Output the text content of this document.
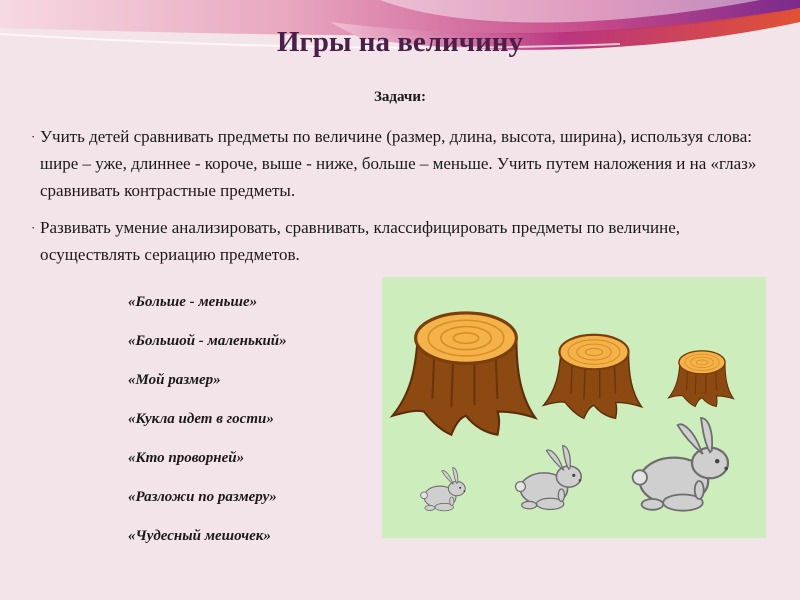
Игры на величину
Задачи:
· Учить детей сравнивать предметы по величине (размер, длина, высота, ширина), используя слова: шире – уже, длиннее - короче, выше - ниже, больше – меньше. Учить путем наложения и на «глаз» сравнивать контрастные предметы.
· Развивать умение анализировать, сравнивать, классифицировать предметы по величине, осуществлять сериацию предметов.
«Больше - меньше»
«Большой - маленький»
«Мой размер»
«Кукла идет в гости»
«Кто проворней»
«Разложи по размеру»
«Чудесный мешочек»
